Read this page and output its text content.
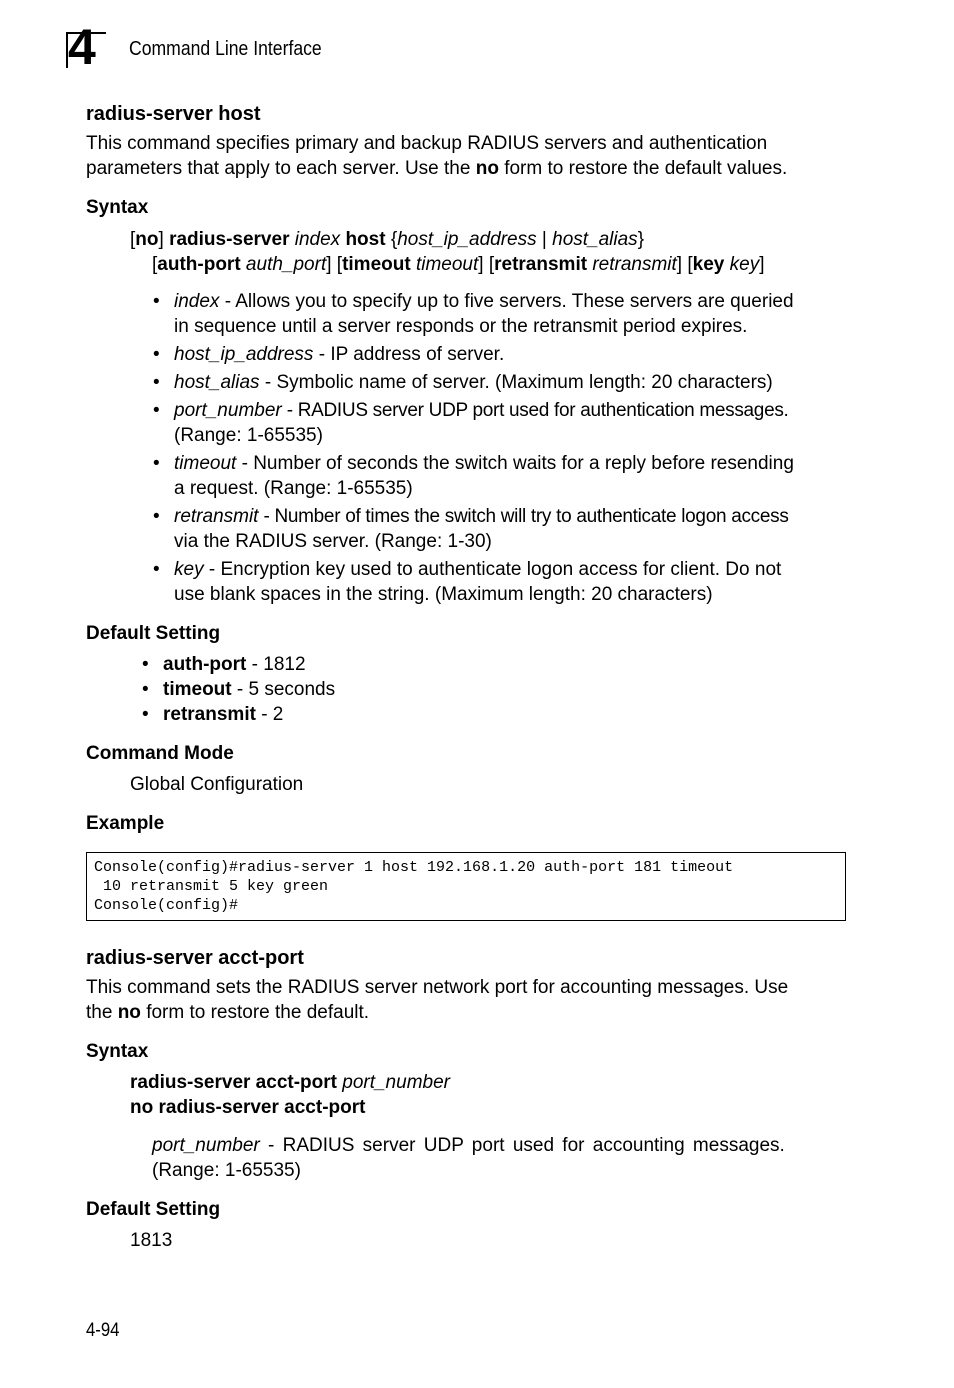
4 Command Line Interface
radius-server host
This command specifies primary and backup RADIUS servers and authentication
parameters that apply to each server. Use the no form to restore the default values.
Syntax
[no] radius-server index host {host_ip_address | host_alias}
[auth-port auth_port] [timeout timeout] [retransmit retransmit] [key key]
• index - Allows you to specify up to five servers. These servers are queried
in sequence until a server responds or the retransmit period expires.
• host_ip_address - IP address of server.
• host_alias - Symbolic name of server. (Maximum length: 20 characters)
• port_number - RADIUS server UDP port used for authentication messages.
(Range: 1-65535)
• timeout - Number of seconds the switch waits for a reply before resending
a request. (Range: 1-65535)
• retransmit - Number of times the switch will try to authenticate logon access
via the RADIUS server. (Range: 1-30)
• key - Encryption key used to authenticate logon access for client. Do not
use blank spaces in the string. (Maximum length: 20 characters)
Default Setting
• auth-port - 1812
• timeout - 5 seconds
• retransmit - 2
Command Mode
Global Configuration
Example
Console(config)#radius-server 1 host 192.168.1.20 auth-port 181 timeout
10 retransmit 5 key green
Console(config)#
radius-server acct-port
This command sets the RADIUS server network port for accounting messages. Use
the no form to restore the default.
Syntax
radius-server acct-port port_number
no radius-server acct-port
port_number - RADIUS server UDP port used for accounting messages.
(Range: 1-65535)
Default Setting
1813
4-94
